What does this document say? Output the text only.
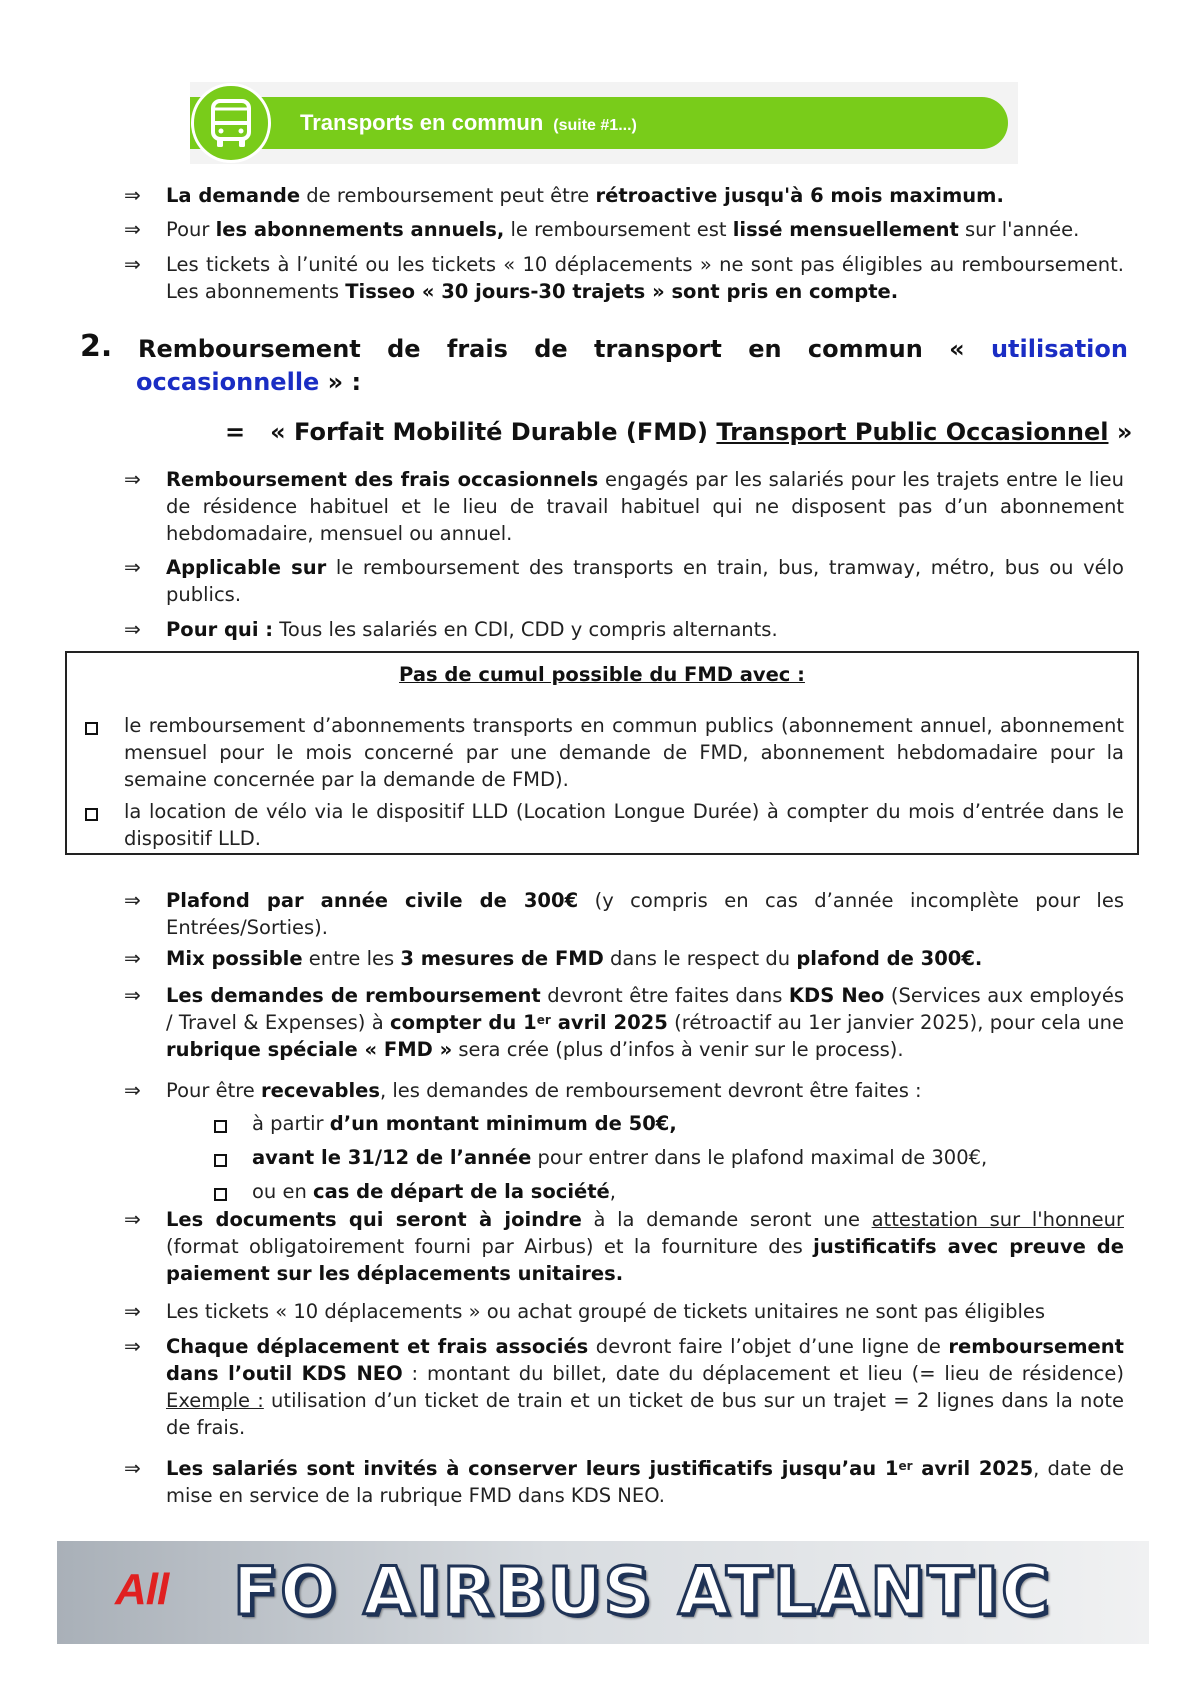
Transports en commun (suite #1...)
⇒	La demande de remboursement peut être rétroactive jusqu'à 6 mois maximum.

⇒	Pour les abonnements annuels, le remboursement est lissé mensuellement sur l'année.

⇒	Les tickets à l’unité ou les tickets « 10 déplacements » ne sont pas éligibles au remboursement. Les abonnements Tisseo « 30 jours-30 trajets » sont pris en compte.

2. Remboursement de frais de transport en commun « utilisation
occasionnelle » :
=   « Forfait Mobilité Durable (FMD) Transport Public Occasionnel »
⇒	Remboursement des frais occasionnels engagés par les salariés pour les trajets entre le lieu de résidence habituel et le lieu de travail habituel qui ne disposent pas d’un abonnement hebdomadaire, mensuel ou annuel.

⇒	Applicable sur le remboursement des transports en train, bus, tramway, métro, bus ou vélo publics.

⇒	Pour qui : Tous les salariés en CDI, CDD y compris alternants.

Pas de cumul possible du FMD avec :
le remboursement d’abonnements transports en commun publics (abonnement annuel, abonnement mensuel pour le mois concerné par une demande de FMD, abonnement hebdomadaire pour la semaine concernée par la demande de FMD).
la location de vélo via le dispositif LLD (Location Longue Durée) à compter du mois d’entrée dans le dispositif LLD.
⇒	Plafond par année civile de 300€ (y compris en cas d’année incomplète pour les Entrées/Sorties).

⇒	Mix possible entre les 3 mesures de FMD dans le respect du plafond de 300€.

⇒	Les demandes de remboursement devront être faites dans KDS Neo (Services aux employés / Travel & Expenses) à compter du 1er avril 2025 (rétroactif au 1er janvier 2025), pour cela une rubrique spéciale « FMD » sera crée (plus d’infos à venir sur le process).

⇒	Pour être recevables, les demandes de remboursement devront être faites :

à partir d’un montant minimum de 50€,

avant le 31/12 de l’année pour entrer dans le plafond maximal de 300€,

ou en cas de départ de la société,

⇒	Les documents qui seront à joindre à la demande seront une attestation sur l'honneur (format obligatoirement fourni par Airbus) et la fourniture des justificatifs avec preuve de paiement sur les déplacements unitaires.

⇒	Les tickets « 10 déplacements » ou achat groupé de tickets unitaires ne sont pas éligibles

⇒	Chaque déplacement et frais associés devront faire l’objet d’une ligne de remboursement dans l’outil KDS NEO : montant du billet, date du déplacement et lieu (= lieu de résidence) Exemple : utilisation d’un ticket de train et un ticket de bus sur un trajet = 2 lignes dans la note de frais.

⇒	Les salariés sont invités à conserver leurs justificatifs jusqu’au 1er avril 2025, date de mise en service de la rubrique FMD dans KDS NEO.

All FO AIRBUS ATLANTIC
